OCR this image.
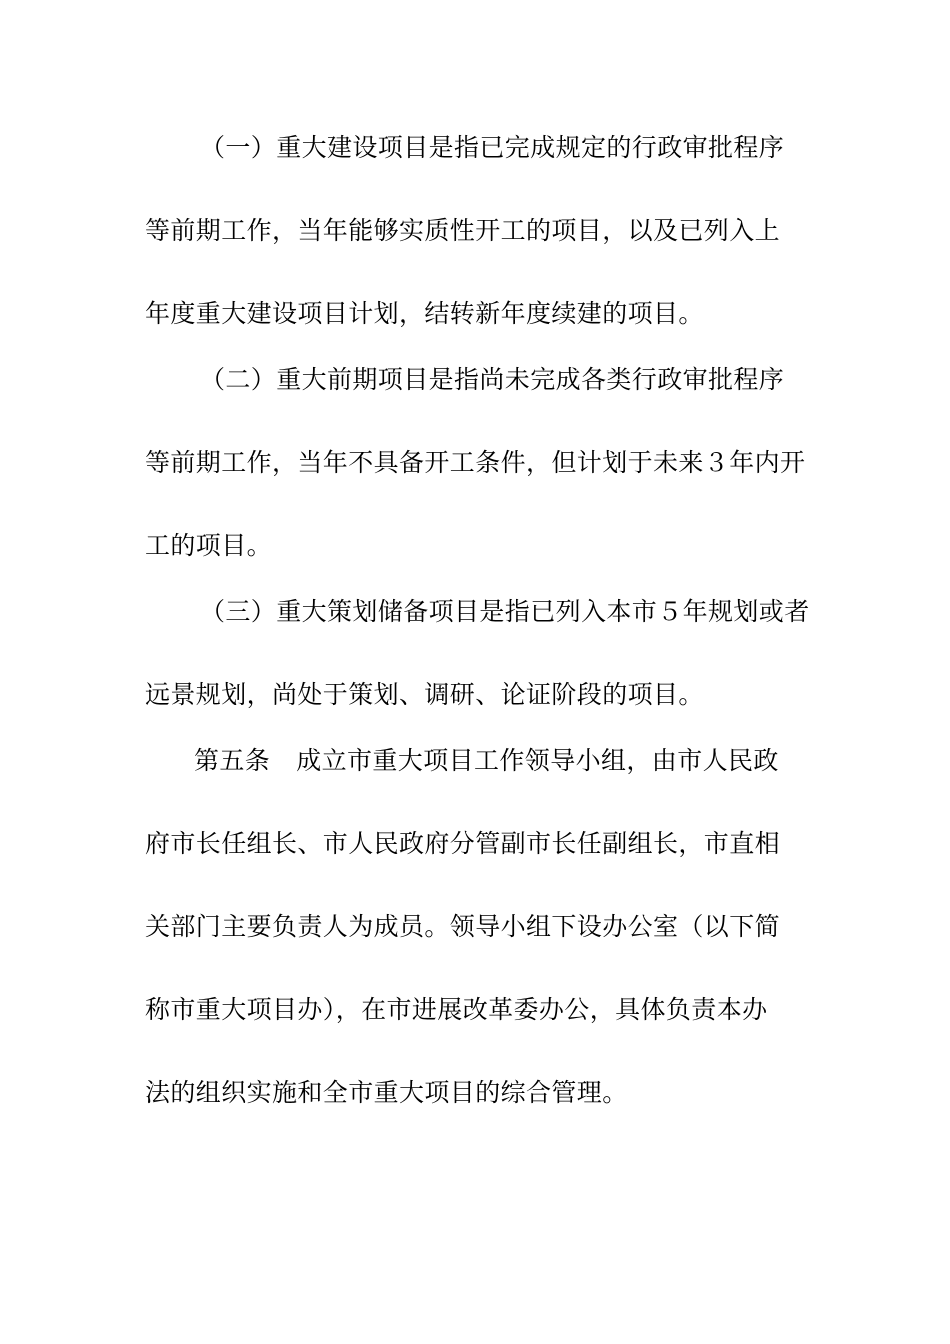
（一）重大建设项目是指已完成规定的行政审批程序
等前期工作，当年能够实质性开工的项目，以及已列入上
年度重大建设项目计划，结转新年度续建的项目。
（二）重大前期项目是指尚未完成各类行政审批程序
等前期工作，当年不具备开工条件，但计划于未来３年内开
工的项目。
（三）重大策划储备项目是指已列入本市５年规划或者
远景规划，尚处于策划、调研、论证阶段的项目。
第五条 成立市重大项目工作领导小组，由市人民政
府市长任组长、市人民政府分管副市长任副组长，市直相
关部门主要负责人为成员。领导小组下设办公室（以下简
称市重大项目办），在市进展改革委办公，具体负责本办
法的组织实施和全市重大项目的综合管理。
